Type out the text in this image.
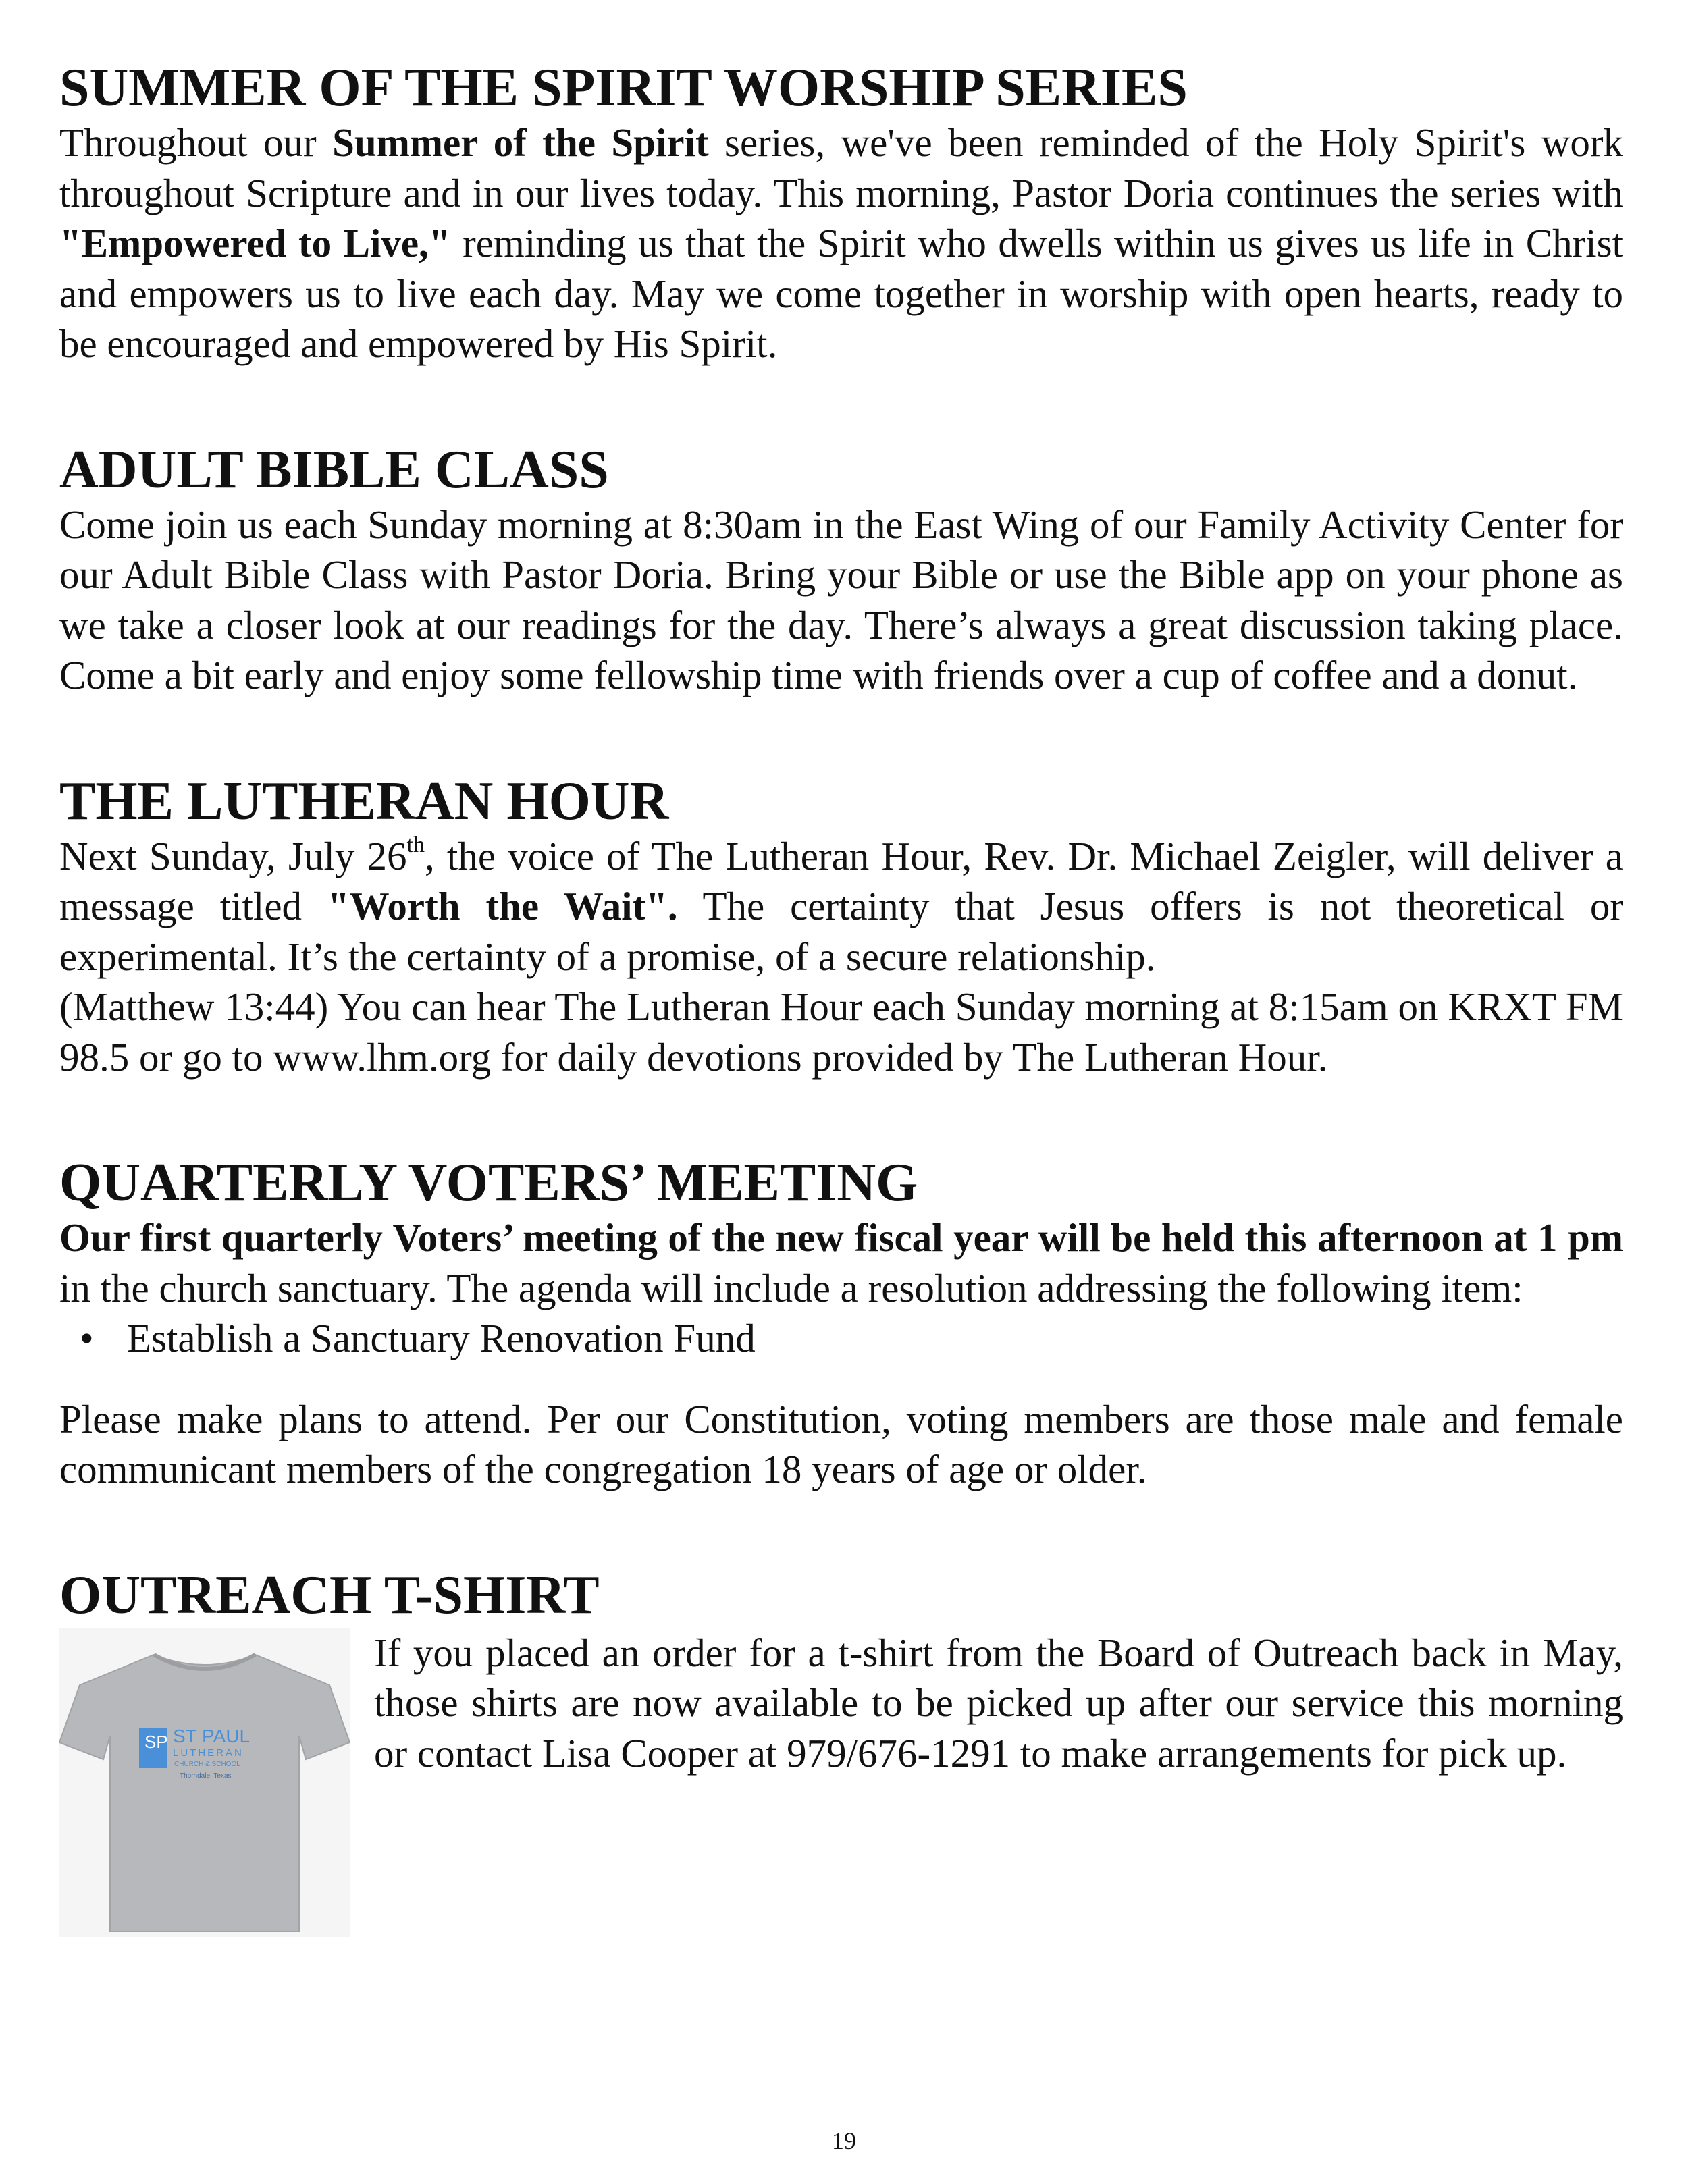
SUMMER OF THE SPIRIT WORSHIP SERIES

Throughout our Summer of the Spirit series, we've been reminded of the Holy Spirit's work throughout Scripture and in our lives today. This morning, Pastor Doria continues the series with "Empowered to Live," reminding us that the Spirit who dwells within us gives us life in Christ and empowers us to live each day. May we come together in worship with open hearts, ready to be encouraged and empowered by His Spirit.

ADULT BIBLE CLASS

Come join us each Sunday morning at 8:30am in the East Wing of our Family Activity Center for our Adult Bible Class with Pastor Doria. Bring your Bible or use the Bible app on your phone as we take a closer look at our readings for the day. There’s always a great discussion taking place. Come a bit early and enjoy some fellowship time with friends over a cup of coffee and a donut.

THE LUTHERAN HOUR

Next Sunday, July 26th, the voice of The Lutheran Hour, Rev. Dr. Michael Zeigler, will deliver a message titled "Worth the Wait". The certainty that Jesus offers is not theoretical or experimental. It’s the certainty of a promise, of a secure relationship.

(Matthew 13:44) You can hear The Lutheran Hour each Sunday morning at 8:15am on KRXT FM 98.5 or go to www.lhm.org for daily devotions provided by The Lutheran Hour.

QUARTERLY VOTERS’ MEETING

Our first quarterly Voters’ meeting of the new fiscal year will be held this afternoon at 1 pm in the church sanctuary. The agenda will include a resolution addressing the following item:

• Establish a Sanctuary Renovation Fund

Please make plans to attend. Per our Constitution, voting members are those male and female communicant members of the congregation 18 years of age or older.

OUTREACH T-SHIRT
SP ST PAUL
LUTHERAN
CHURCH & SCHOOL
Thorndale, Texas

If you placed an order for a t-shirt from the Board of Outreach back in May, those shirts are now available to be picked up after our service this morning or contact Lisa Cooper at 979/676-1291 to make arrangements for pick up.

19
